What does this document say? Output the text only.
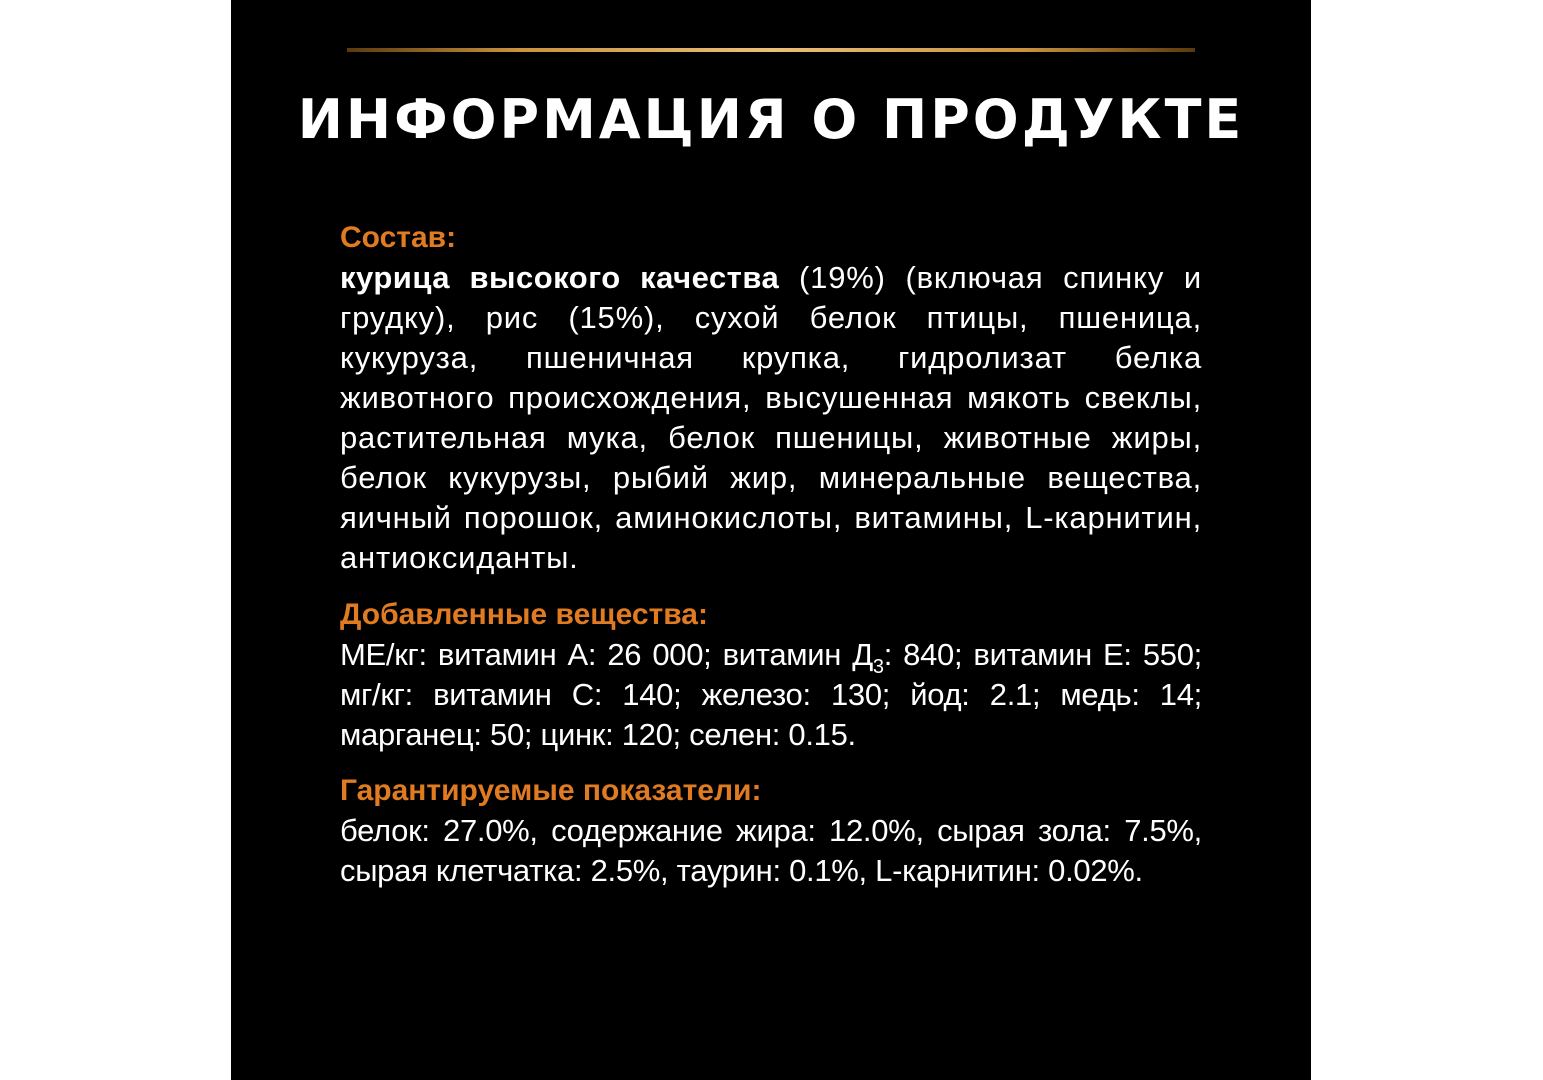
ИНФОРМАЦИЯ О ПРОДУКТЕ
Состав:

курица высокого качества (19%) (включая спинку и грудку), рис (15%), сухой белок птицы, пшеница, кукуруза, пшеничная крупка, гидролизат белка животного происхождения, высушенная мякоть свеклы, растительная мука, белок пшеницы, животные жиры, белок кукурузы, рыбий жир, минеральные вещества, яичный порошок, аминокислоты, витамины, L-карнитин, антиоксиданты.

Добавленные вещества:

МЕ/кг: витамин А: 26 000; витамин $Д_3$: 840; витамин Е: 550; мг/кг: витамин С: 140; железо: 130; йод: 2.1; медь: 14; марганец: 50; цинк: 120; селен: 0.15.

Гарантируемые показатели:

белок: 27.0%, содержание жира: 12.0%, сырая зола: 7.5%, сырая клетчатка: 2.5%, таурин: 0.1%, L-карнитин: 0.02%.
